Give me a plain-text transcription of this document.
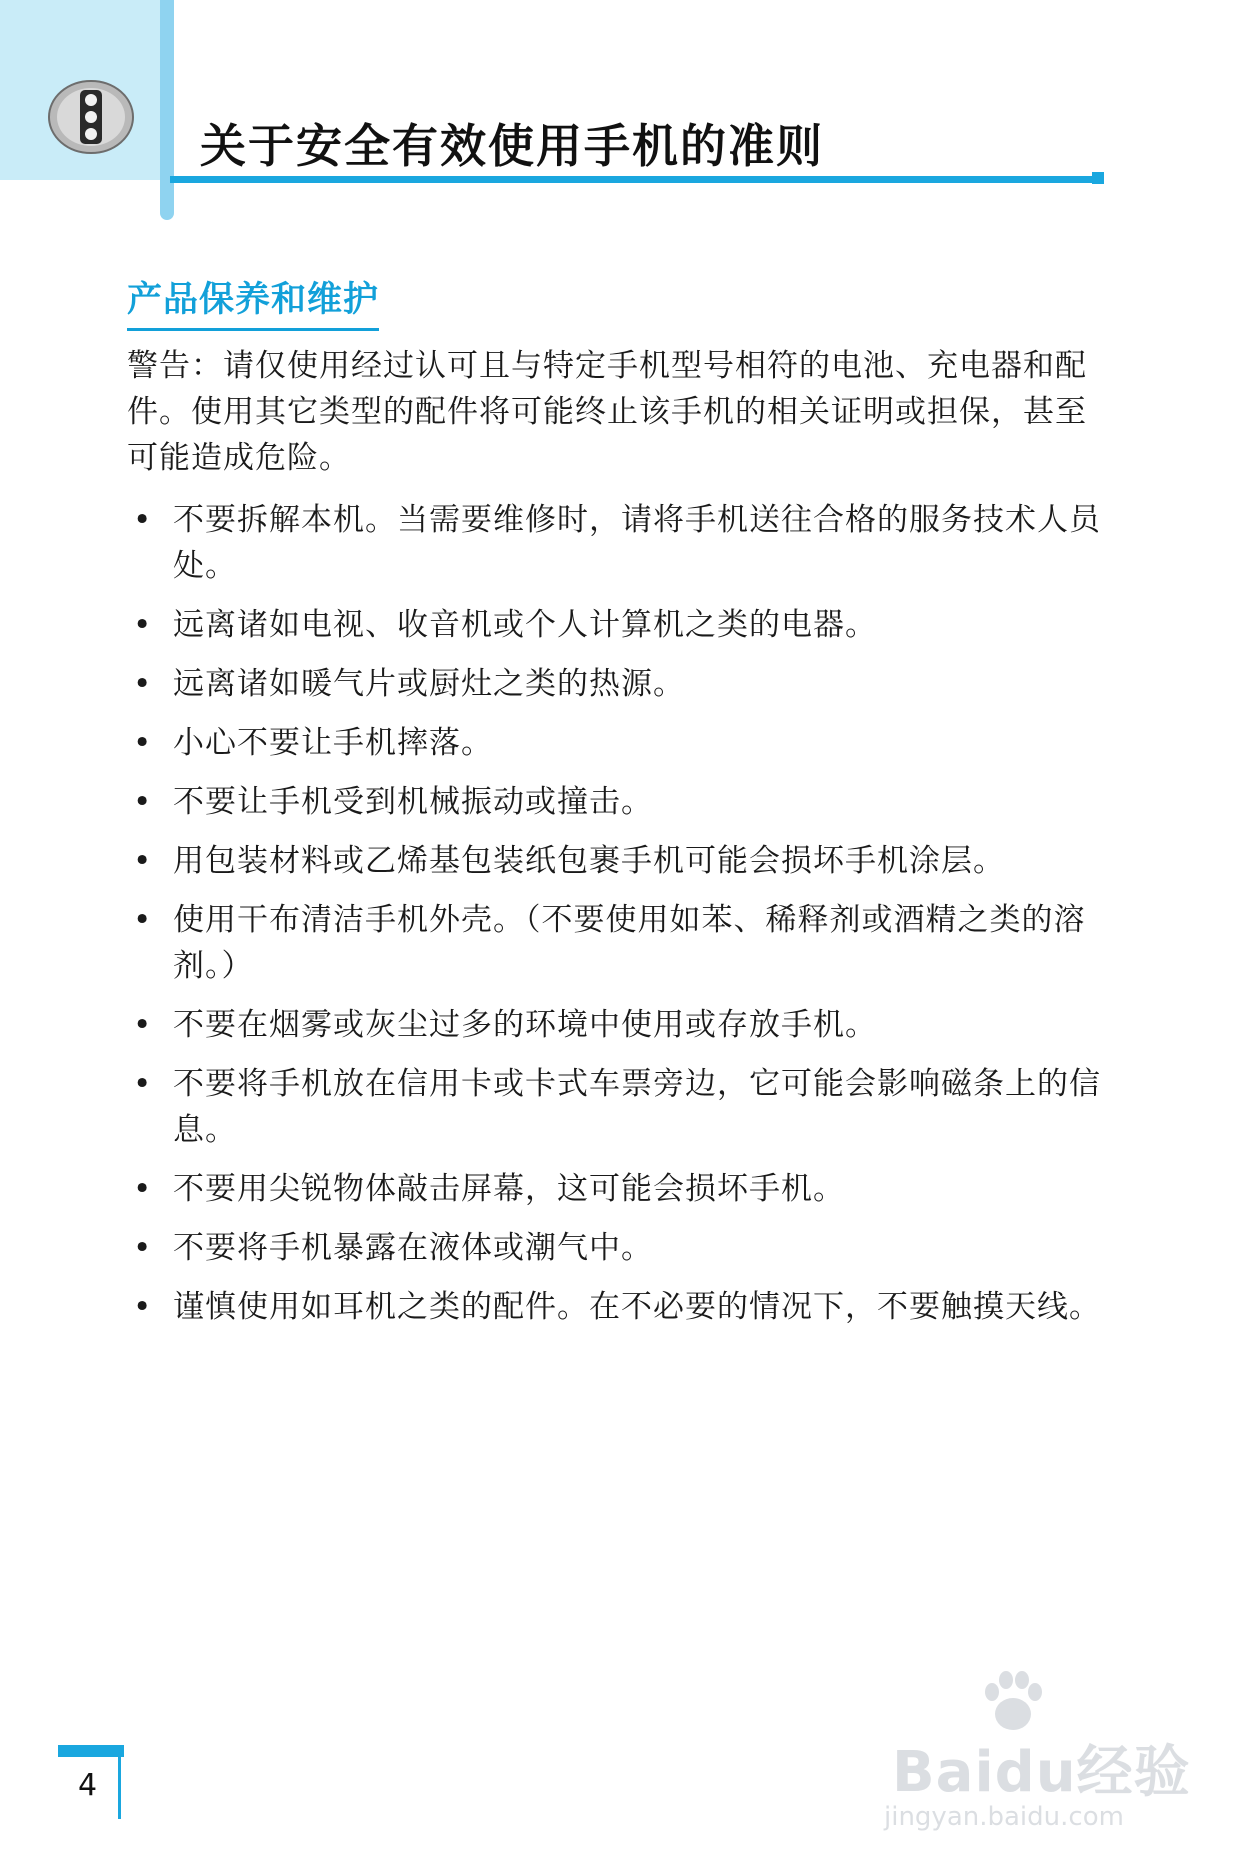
关于安全有效使用手机的准则
产品保养和维护
警告：请仅使用经过认可且与特定手机型号相符的电池、充电器和配件。使用其它类型的配件将可能终止该手机的相关证明或担保，甚至可能造成危险。
• 不要拆解本机。当需要维修时，请将手机送往合格的服务技术人员处。
• 远离诸如电视、收音机或个人计算机之类的电器。
• 远离诸如暖气片或厨灶之类的热源。
• 小心不要让手机摔落。
• 不要让手机受到机械振动或撞击。
• 用包装材料或乙烯基包装纸包裹手机可能会损坏手机涂层。
• 使用干布清洁手机外壳。（不要使用如苯、稀释剂或酒精之类的溶剂。）
• 不要在烟雾或灰尘过多的环境中使用或存放手机。
• 不要将手机放在信用卡或卡式车票旁边，它可能会影响磁条上的信息。
• 不要用尖锐物体敲击屏幕，这可能会损坏手机。
• 不要将手机暴露在液体或潮气中。
• 谨慎使用如耳机之类的配件。在不必要的情况下，不要触摸天线。
4	Baidu经验
jingyan.baidu.com
